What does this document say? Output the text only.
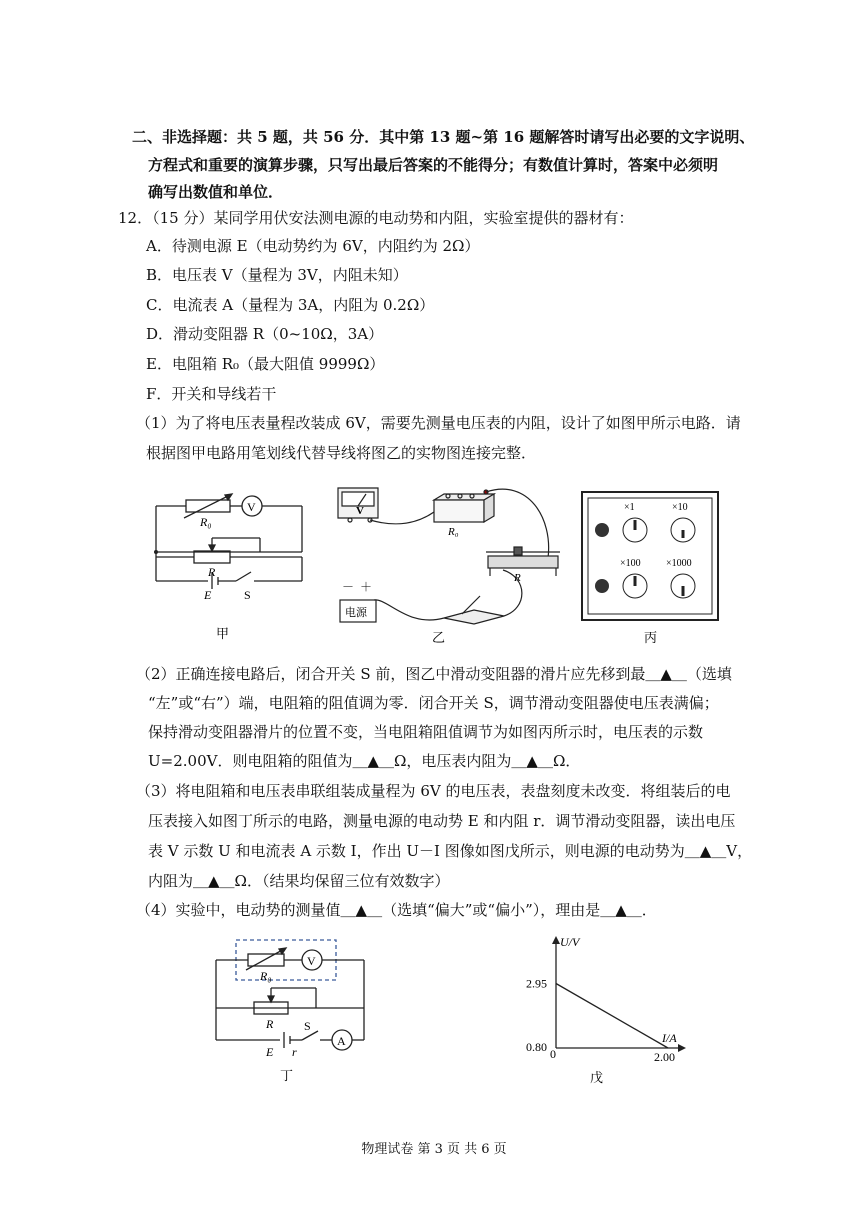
二、非选择题：共 5 题，共 56 分．其中第 13 题~第 16 题解答时请写出必要的文字说明、
方程式和重要的演算步骤，只写出最后答案的不能得分；有数值计算时，答案中必须明
确写出数值和单位．
12．（15 分）某同学用伏安法测电源的电动势和内阻，实验室提供的器材有：
A．待测电源 E（电动势约为 6V，内阻约为 2Ω）
B．电压表 V（量程为 3V，内阻未知）
C．电流表 A（量程为 3A，内阻为 0.2Ω）
D．滑动变阻器 R（0~10Ω，3A）
E．电阻箱 R₀（最大阻值 9999Ω）
F．开关和导线若干
（1）为了将电压表量程改装成 6V，需要先测量电压表的内阻，设计了如图甲所示电路．请
根据图甲电路用笔划线代替导线将图乙的实物图连接完整．
R₀
V
R
E	S
甲
V
R₀
R
－ ＋
电源
乙
×1	×10
×100	×1000
丙
（2）正确连接电路后，闭合开关 S 前，图乙中滑动变阻器的滑片应先移到最＿▲＿（选填
“左”或“右”）端，电阻箱的阻值调为零．闭合开关 S，调节滑动变阻器使电压表满偏；
保持滑动变阻器滑片的位置不变，当电阻箱阻值调节为如图丙所示时，电压表的示数
U=2.00V．则电阻箱的阻值为＿▲＿Ω，电压表内阻为＿▲＿Ω．
（3）将电阻箱和电压表串联组装成量程为 6V 的电压表，表盘刻度未改变．将组装后的电
压表接入如图丁所示的电路，测量电源的电动势 E 和内阻 r．调节滑动变阻器，读出电压
表 V 示数 U 和电流表 A 示数 I，作出 U－I 图像如图戊所示，则电源的电动势为＿▲＿V，
内阻为＿▲＿Ω．（结果均保留三位有效数字）
（4）实验中，电动势的测量值＿▲＿（选填“偏大”或“偏小”），理由是＿▲＿．
R₀
V
R	S
A
E r
丁
U/V
I/A
0
0.80
2.95
2.00
戊
物理试卷 第 3 页 共 6 页
